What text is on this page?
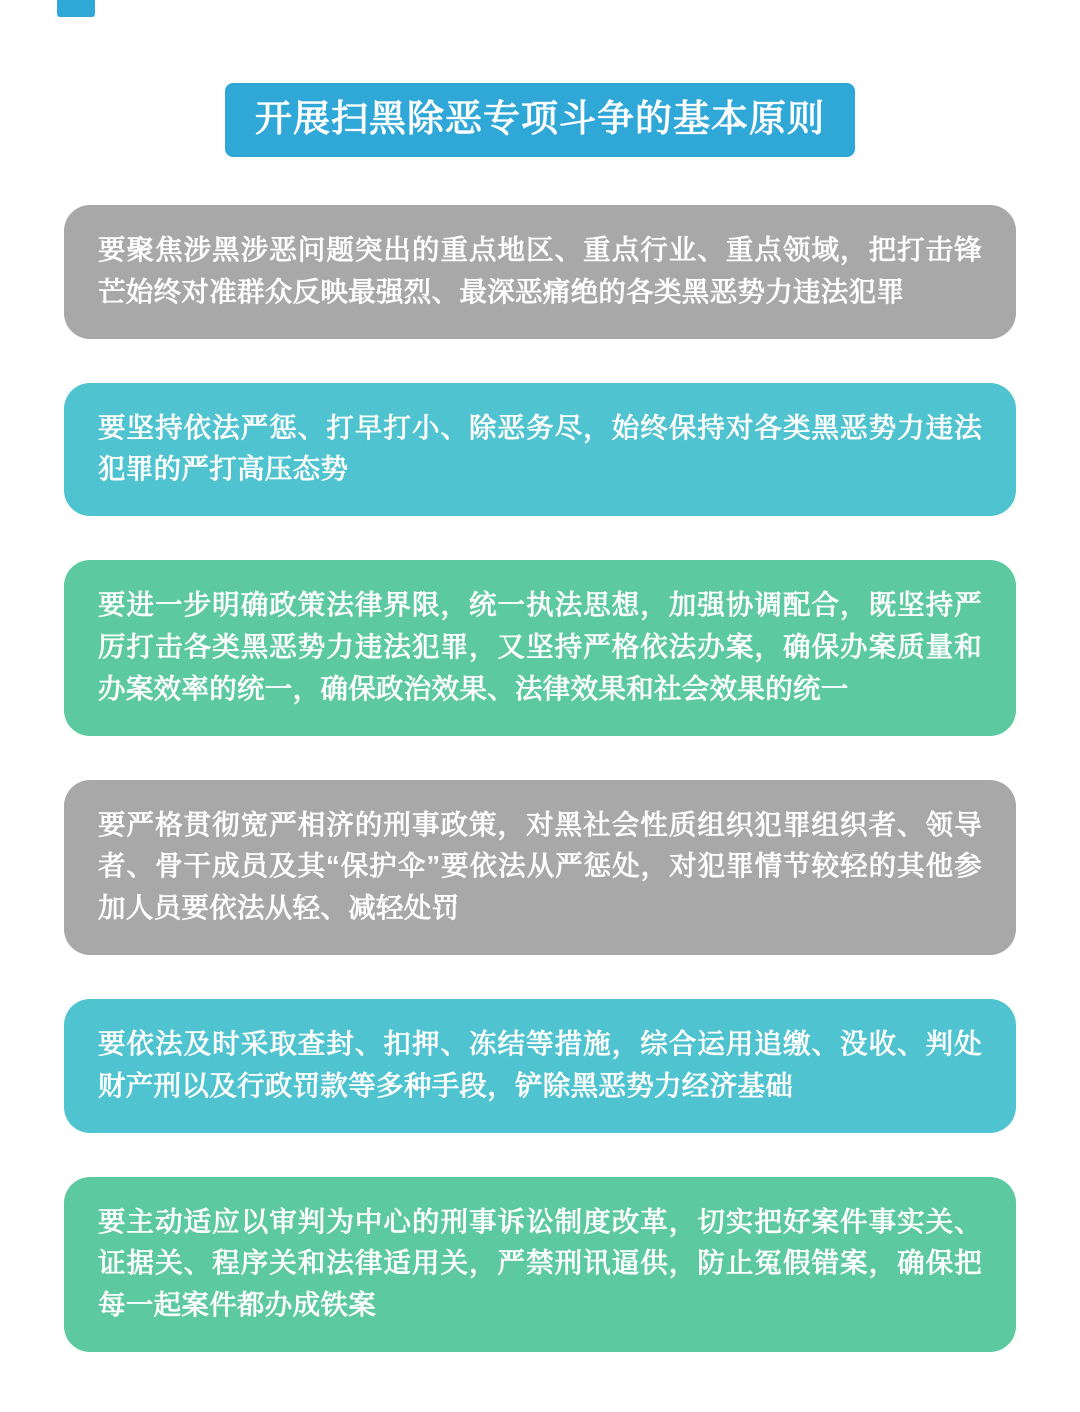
开展扫黑除恶专项斗争的基本原则

要聚焦涉黑涉恶问题突出的重点地区、重点行业、重点领域，把打击锋芒始终对准群众反映最强烈、最深恶痛绝的各类黑恶势力违法犯罪

要坚持依法严惩、打早打小、除恶务尽，始终保持对各类黑恶势力违法犯罪的严打高压态势

要进一步明确政策法律界限，统一执法思想，加强协调配合，既坚持严厉打击各类黑恶势力违法犯罪，又坚持严格依法办案，确保办案质量和办案效率的统一，确保政治效果、法律效果和社会效果的统一

要严格贯彻宽严相济的刑事政策，对黑社会性质组织犯罪组织者、领导者、骨干成员及其“保护伞”要依法从严惩处，对犯罪情节较轻的其他参加人员要依法从轻、减轻处罚

要依法及时采取查封、扣押、冻结等措施，综合运用追缴、没收、判处财产刑以及行政罚款等多种手段，铲除黑恶势力经济基础

要主动适应以审判为中心的刑事诉讼制度改革，切实把好案件事实关、证据关、程序关和法律适用关，严禁刑讯逼供，防止冤假错案，确保把每一起案件都办成铁案
